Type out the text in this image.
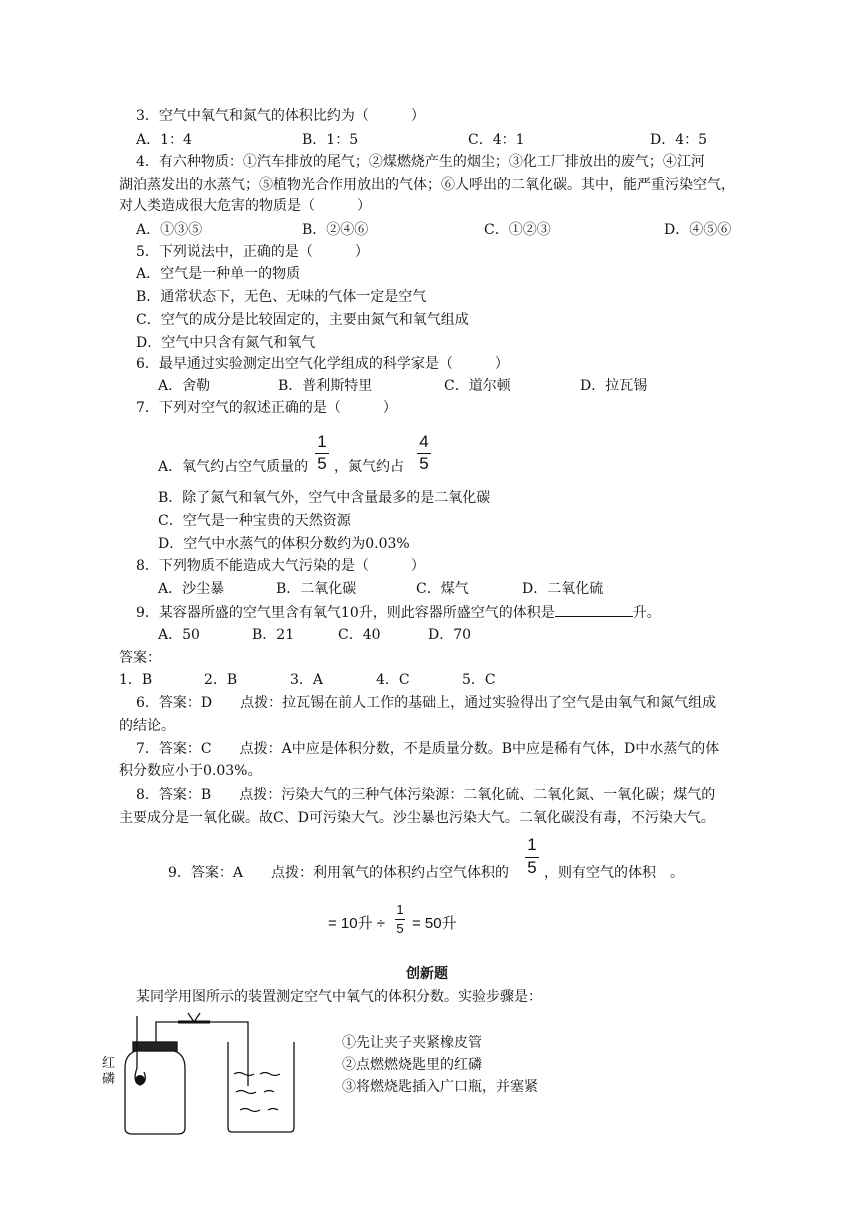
3．空气中氧气和氮气的体积比约为（　　　）
A．1：4	B．1：5	C．4：1	D．4：5
4．有六种物质：①汽车排放的尾气；②煤燃烧产生的烟尘；③化工厂排放出的废气；④江河
湖泊蒸发出的水蒸气；⑤植物光合作用放出的气体；⑥人呼出的二氧化碳。其中，能严重污染空气，
对人类造成很大危害的物质是（　　　）
A．①③⑤	B．②④⑥	C．①②③	D．④⑤⑥
5．下列说法中，正确的是（　　　）
A．空气是一种单一的物质
B．通常状态下，无色、无味的气体一定是空气
C．空气的成分是比较固定的，主要由氮气和氧气组成
D．空气中只含有氮气和氧气
6．最早通过实验测定出空气化学组成的科学家是（　　　）
A．舍勒	B．普利斯特里	C．道尔顿	D．拉瓦锡
7．下列对空气的叙述正确的是（　　　）
A．氧气约占空气质量的
1
5 ，氮气约占
4
5
B．除了氮气和氧气外，空气中含量最多的是二氧化碳
C．空气是一种宝贵的天然资源
D．空气中水蒸气的体积分数约为0.03%
8．下列物质不能造成大气污染的是（　　　）
A．沙尘暴	B．二氧化碳	C．煤气	D．二氧化硫
9．某容器所盛的空气里含有氧气10升，则此容器所盛空气的体积是	升。
A．50	B．21	C．40	D．70
答案：
1．B	2．B	3．A	4．C	5．C
6．答案：D　　点拨：拉瓦锡在前人工作的基础上，通过实验得出了空气是由氧气和氮气组成
的结论。
7．答案：C　　点拨：A中应是体积分数，不是质量分数。B中应是稀有气体，D中水蒸气的体
积分数应小于0.03%。
8．答案：B　　点拨：污染大气的三种气体污染源：二氧化硫、二氧化氮、一氧化碳；煤气的
主要成分是一氧化碳。故C、D可污染大气。沙尘暴也污染大气。二氧化碳没有毒，不污染大气。
9．答案：A　　点拨：利用氧气的体积约占空气体积的
1
5 ，则有空气的体积　。
= 10升 ÷
1
5 = 50升
创新题
某同学用图所示的装置测定空气中氧气的体积分数。实验步骤是：
①先让夹子夹紧橡皮管
②点燃燃烧匙里的红磷
③将燃烧匙插入广口瓶，并塞紧
红磷
